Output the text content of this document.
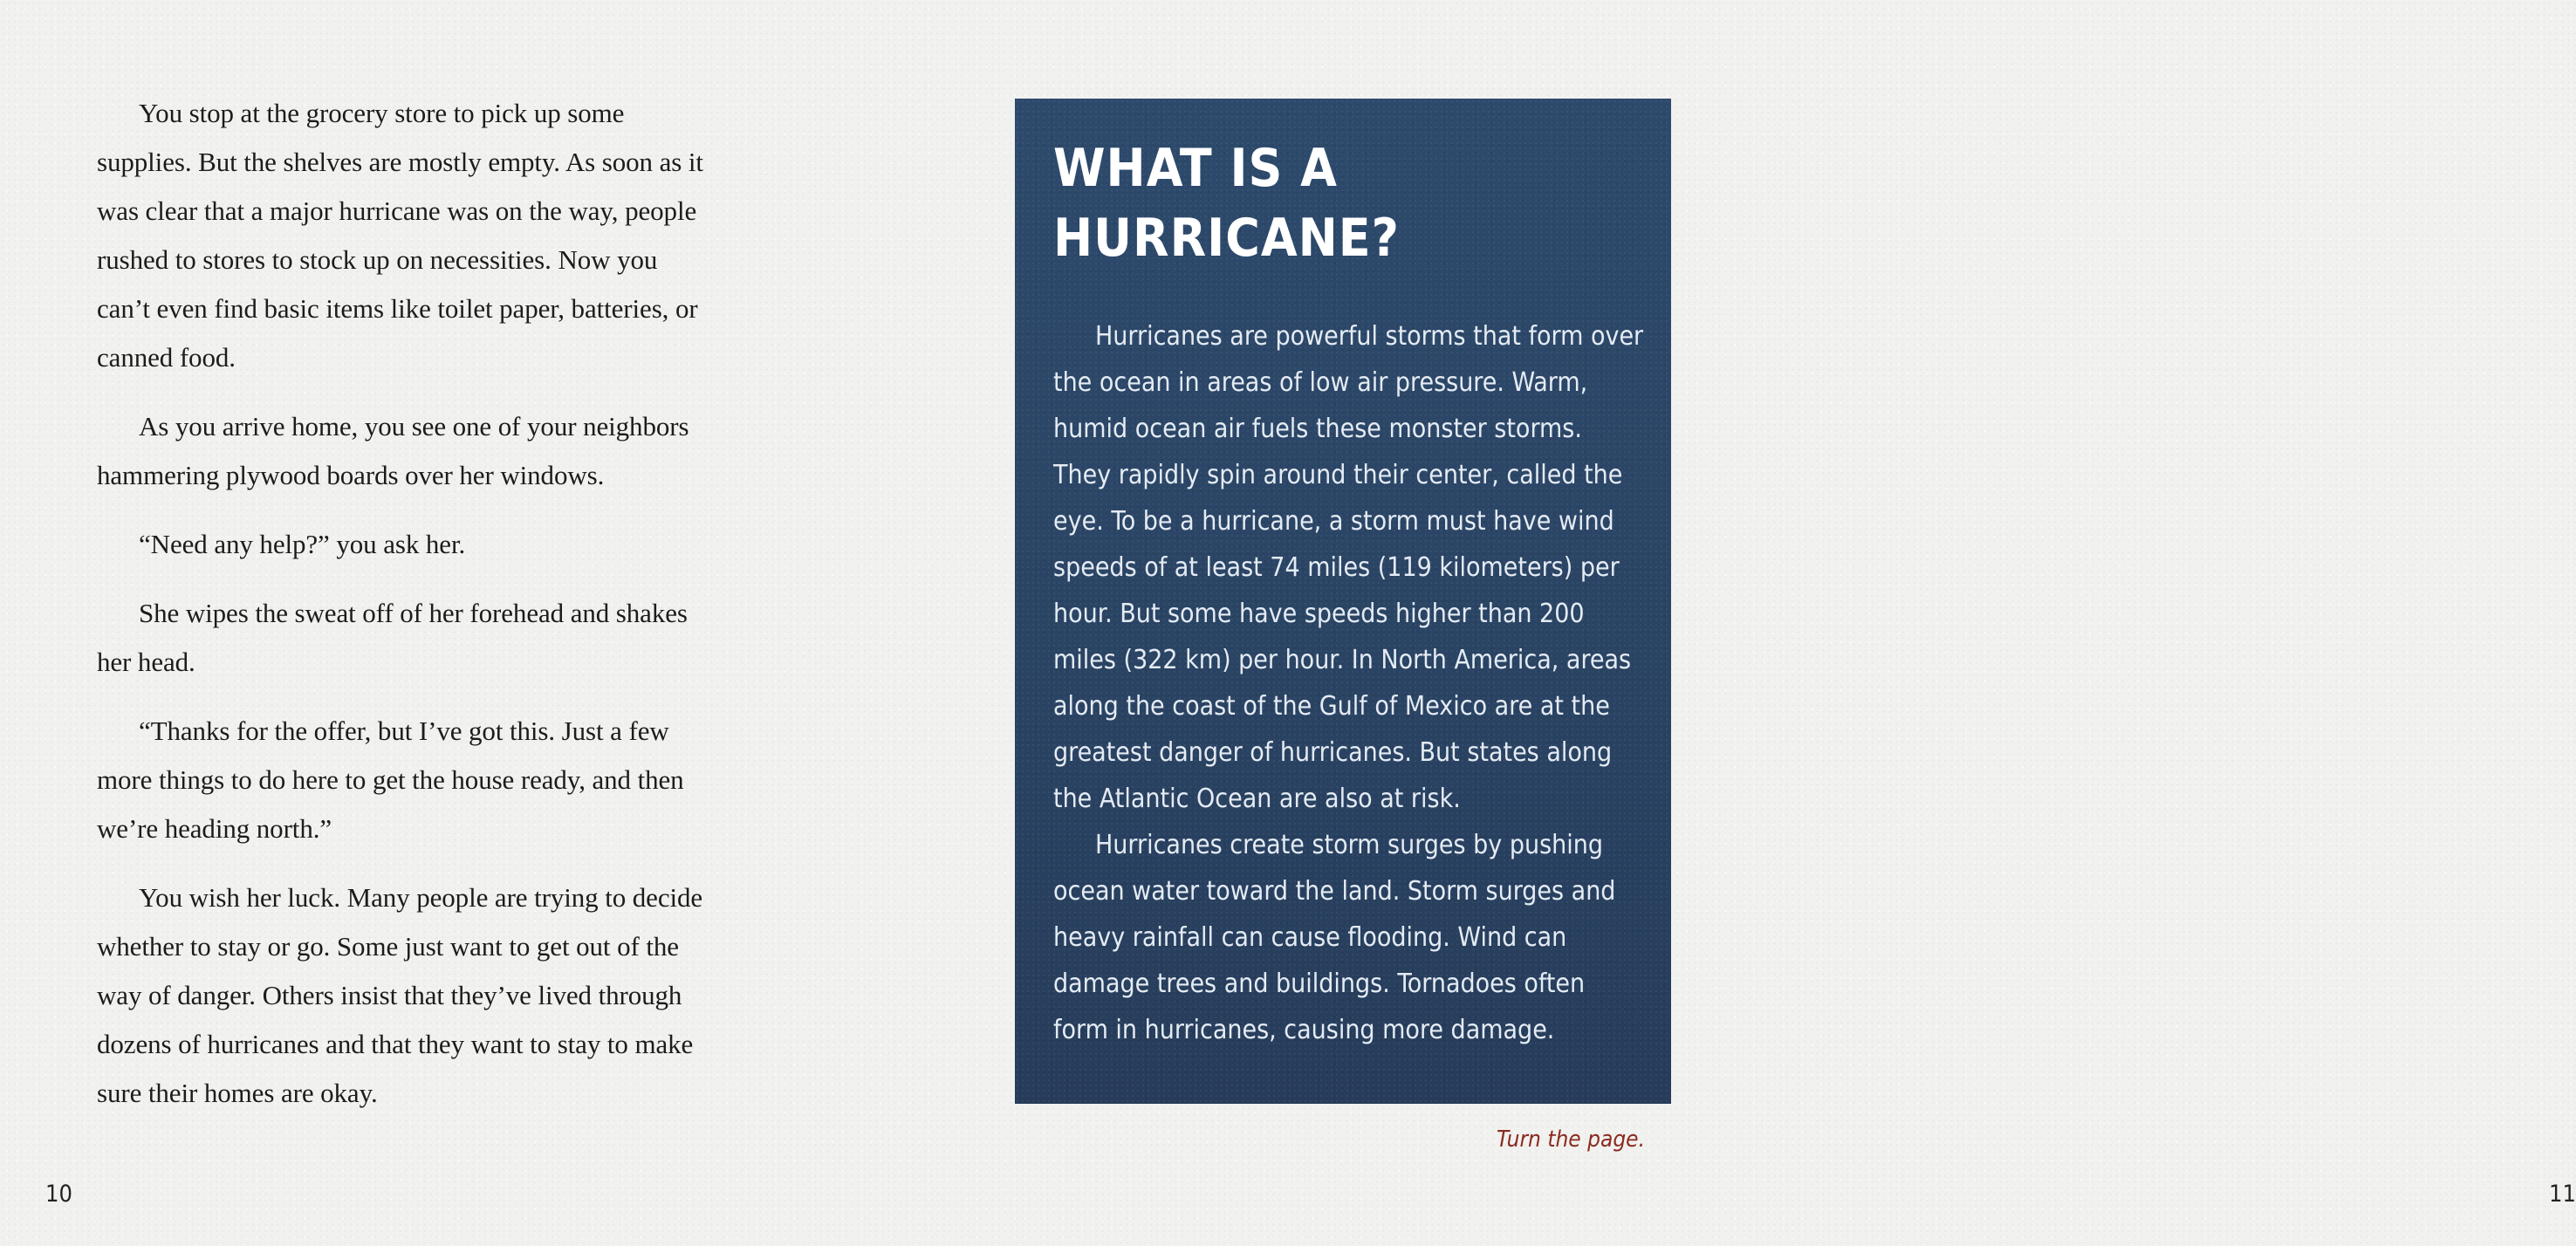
You stop at the grocery store to pick up some supplies. But the shelves are mostly empty. As soon as it was clear that a major hurricane was on the way, people rushed to stores to stock up on necessities. Now you can’t even find basic items like toilet paper, batteries, or canned food.

As you arrive home, you see one of your neighbors hammering plywood boards over her windows.

“Need any help?” you ask her.

She wipes the sweat off of her forehead and shakes her head.

“Thanks for the offer, but I’ve got this. Just a few more things to do here to get the house ready, and then we’re heading north.”

You wish her luck. Many people are trying to decide whether to stay or go. Some just want to get out of the way of danger. Others insist that they’ve lived through dozens of hurricanes and that they want to stay to make sure their homes are okay.

10
WHAT IS A HURRICANE?

Hurricanes are powerful storms that form over the ocean in areas of low air pressure. Warm, humid ocean air fuels these monster storms. They rapidly spin around their center, called the eye. To be a hurricane, a storm must have wind speeds of at least 74 miles (119 kilometers) per hour. But some have speeds higher than 200 miles (322 km) per hour. In North America, areas along the coast of the Gulf of Mexico are at the greatest danger of hurricanes. But states along the Atlantic Ocean are also at risk.

Hurricanes create storm surges by pushing ocean water toward the land. Storm surges and heavy rainfall can cause flooding. Wind can damage trees and buildings. Tornadoes often form in hurricanes, causing more damage.

Turn the page.
11
